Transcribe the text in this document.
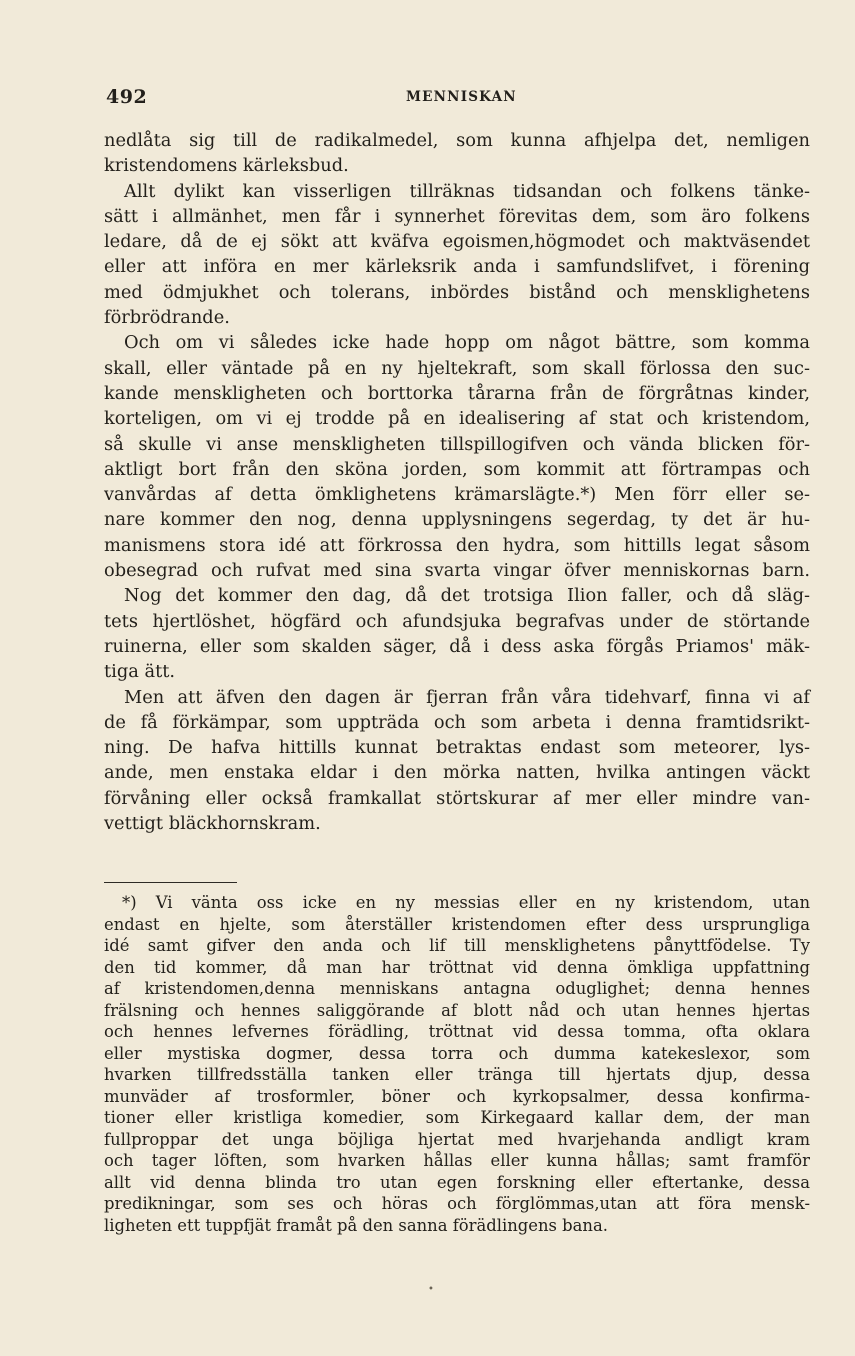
492	MENNISKAN
nedlåta sig till de radikalmedel, som kunna afhjelpa det, nemligen
kristendomens kärleksbud.
Allt dylikt kan visserligen tillräknas tidsandan och folkens tänke-
sätt i allmänhet, men får i synnerhet förevitas dem, som äro folkens
ledare, då de ej sökt att kväfva egoismen,högmodet och maktväsendet
eller att införa en mer kärleksrik anda i samfundslifvet, i förening
med ödmjukhet och tolerans, inbördes bistånd och mensklighetens
förbrödrande.
Och om vi således icke hade hopp om något bättre, som komma
skall, eller väntade på en ny hjeltekraft, som skall förlossa den suc-
kande menskligheten och borttorka tårarna från de förgråtnas kinder,
korteligen, om vi ej trodde på en idealisering af stat och kristendom,
så skulle vi anse menskligheten tillspillogifven och vända blicken för-
aktligt bort från den sköna jorden, som kommit att förtrampas och
vanvårdas af detta ömklighetens krämarslägte.*) Men förr eller se-
nare kommer den nog, denna upplysningens segerdag, ty det är hu-
manismens stora idé att förkrossa den hydra, som hittills legat såsom
obesegrad och rufvat med sina svarta vingar öfver menniskornas barn.
Nog det kommer den dag, då det trotsiga Ilion faller, och då släg-
tets hjertlöshet, högfärd och afundsjuka begrafvas under de störtande
ruinerna, eller som skalden säger, då i dess aska förgås Priamos' mäk-
tiga ätt.
Men att äfven den dagen är fjerran från våra tidehvarf, finna vi af
de få förkämpar, som uppträda och som arbeta i denna framtidsrikt-
ning. De hafva hittills kunnat betraktas endast som meteorer, lys-
ande, men enstaka eldar i den mörka natten, hvilka antingen väckt
förvåning eller också framkallat störtskurar af mer eller mindre van-
vettigt bläckhornskram.
*) Vi vänta oss icke en ny messias eller en ny kristendom, utan
endast en hjelte, som återställer kristendomen efter dess ursprungliga
idé samt gifver den anda och lif till mensklighetens pånyttfödelse. Ty
den tid kommer, då man har tröttnat vid denna ömkliga uppfattning
af kristendomen,denna menniskans antagna odugligheṫ; denna hennes
frälsning och hennes saliggörande af blott nåd och utan hennes hjertas
och hennes lefvernes förädling, tröttnat vid dessa tomma, ofta oklara
eller mystiska dogmer, dessa torra och dumma katekeslexor, som
hvarken tillfredsställa tanken eller tränga till hjertats djup, dessa
munväder af trosformler, böner och kyrkopsalmer, dessa konfirma-
tioner eller kristliga komedier, som Kirkegaard kallar dem, der man
fullproppar det unga böjliga hjertat med hvarjehanda andligt kram
och tager löften, som hvarken hållas eller kunna hållas; samt framför
allt vid denna blinda tro utan egen forskning eller eftertanke, dessa
predikningar, som ses och höras och förglömmas,utan att föra mensk-
ligheten ett tuppfjät framåt på den sanna förädlingens bana.
•
